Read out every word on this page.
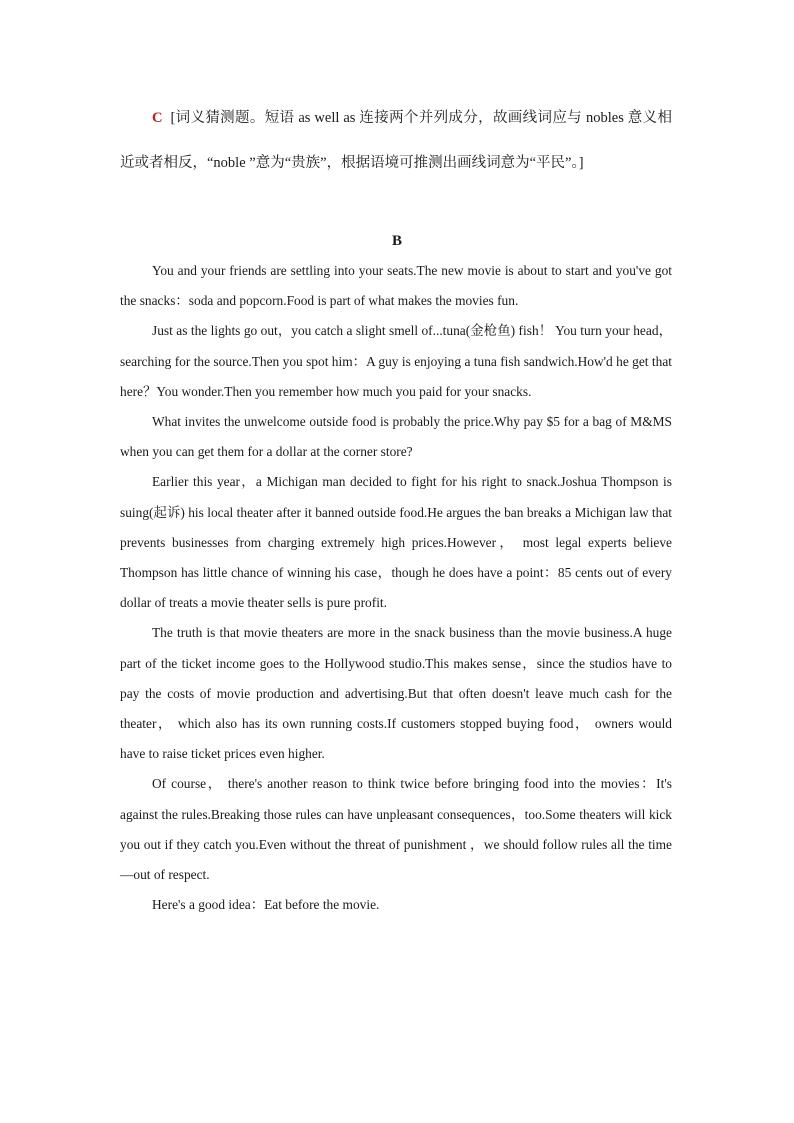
C [词义猜测题。短语 as well as 连接两个并列成分，故画线词应与 nobles 意义相近或者相反，“noble ”意为“贵族”，根据语境可推测出画线词意为“平民”。]
B

You and your friends are settling into your seats.The new movie is about to start and you've got the snacks：soda and popcorn.Food is part of what makes the movies fun.

Just as the lights go out，you catch a slight smell of...tuna(金枪鱼) fish！ You turn your head， searching for the source.Then you spot him：A guy is enjoying a tuna fish sandwich.How'd he get that here？You wonder.Then you remember how much you paid for your snacks.

What invites the unwelcome outside food is probably the price.Why pay $5 for a bag of M&MS when you can get them for a dollar at the corner store?

Earlier this year，a Michigan man decided to fight for his right to snack.Joshua Thompson is suing(起诉) his local theater after it banned outside food.He argues the ban breaks a Michigan law that prevents businesses from charging extremely high prices.However， most legal experts believe Thompson has little chance of winning his case，though he does have a point：85 cents out of every dollar of treats a movie theater sells is pure profit.

The truth is that movie theaters are more in the snack business than the movie business.A huge part of the ticket income goes to the Hollywood studio.This makes sense，since the studios have to pay the costs of movie production and advertising.But that often doesn't leave much cash for the theater， which also has its own running costs.If customers stopped buying food， owners would have to raise ticket prices even higher.

Of course， there's another reason to think twice before bringing food into the movies：It's against the rules.Breaking those rules can have unpleasant consequences，too.Some theaters will kick you out if they catch you.Even without the threat of punishment ，we should follow rules all the time —out of respect.

Here's a good idea：Eat before the movie.
